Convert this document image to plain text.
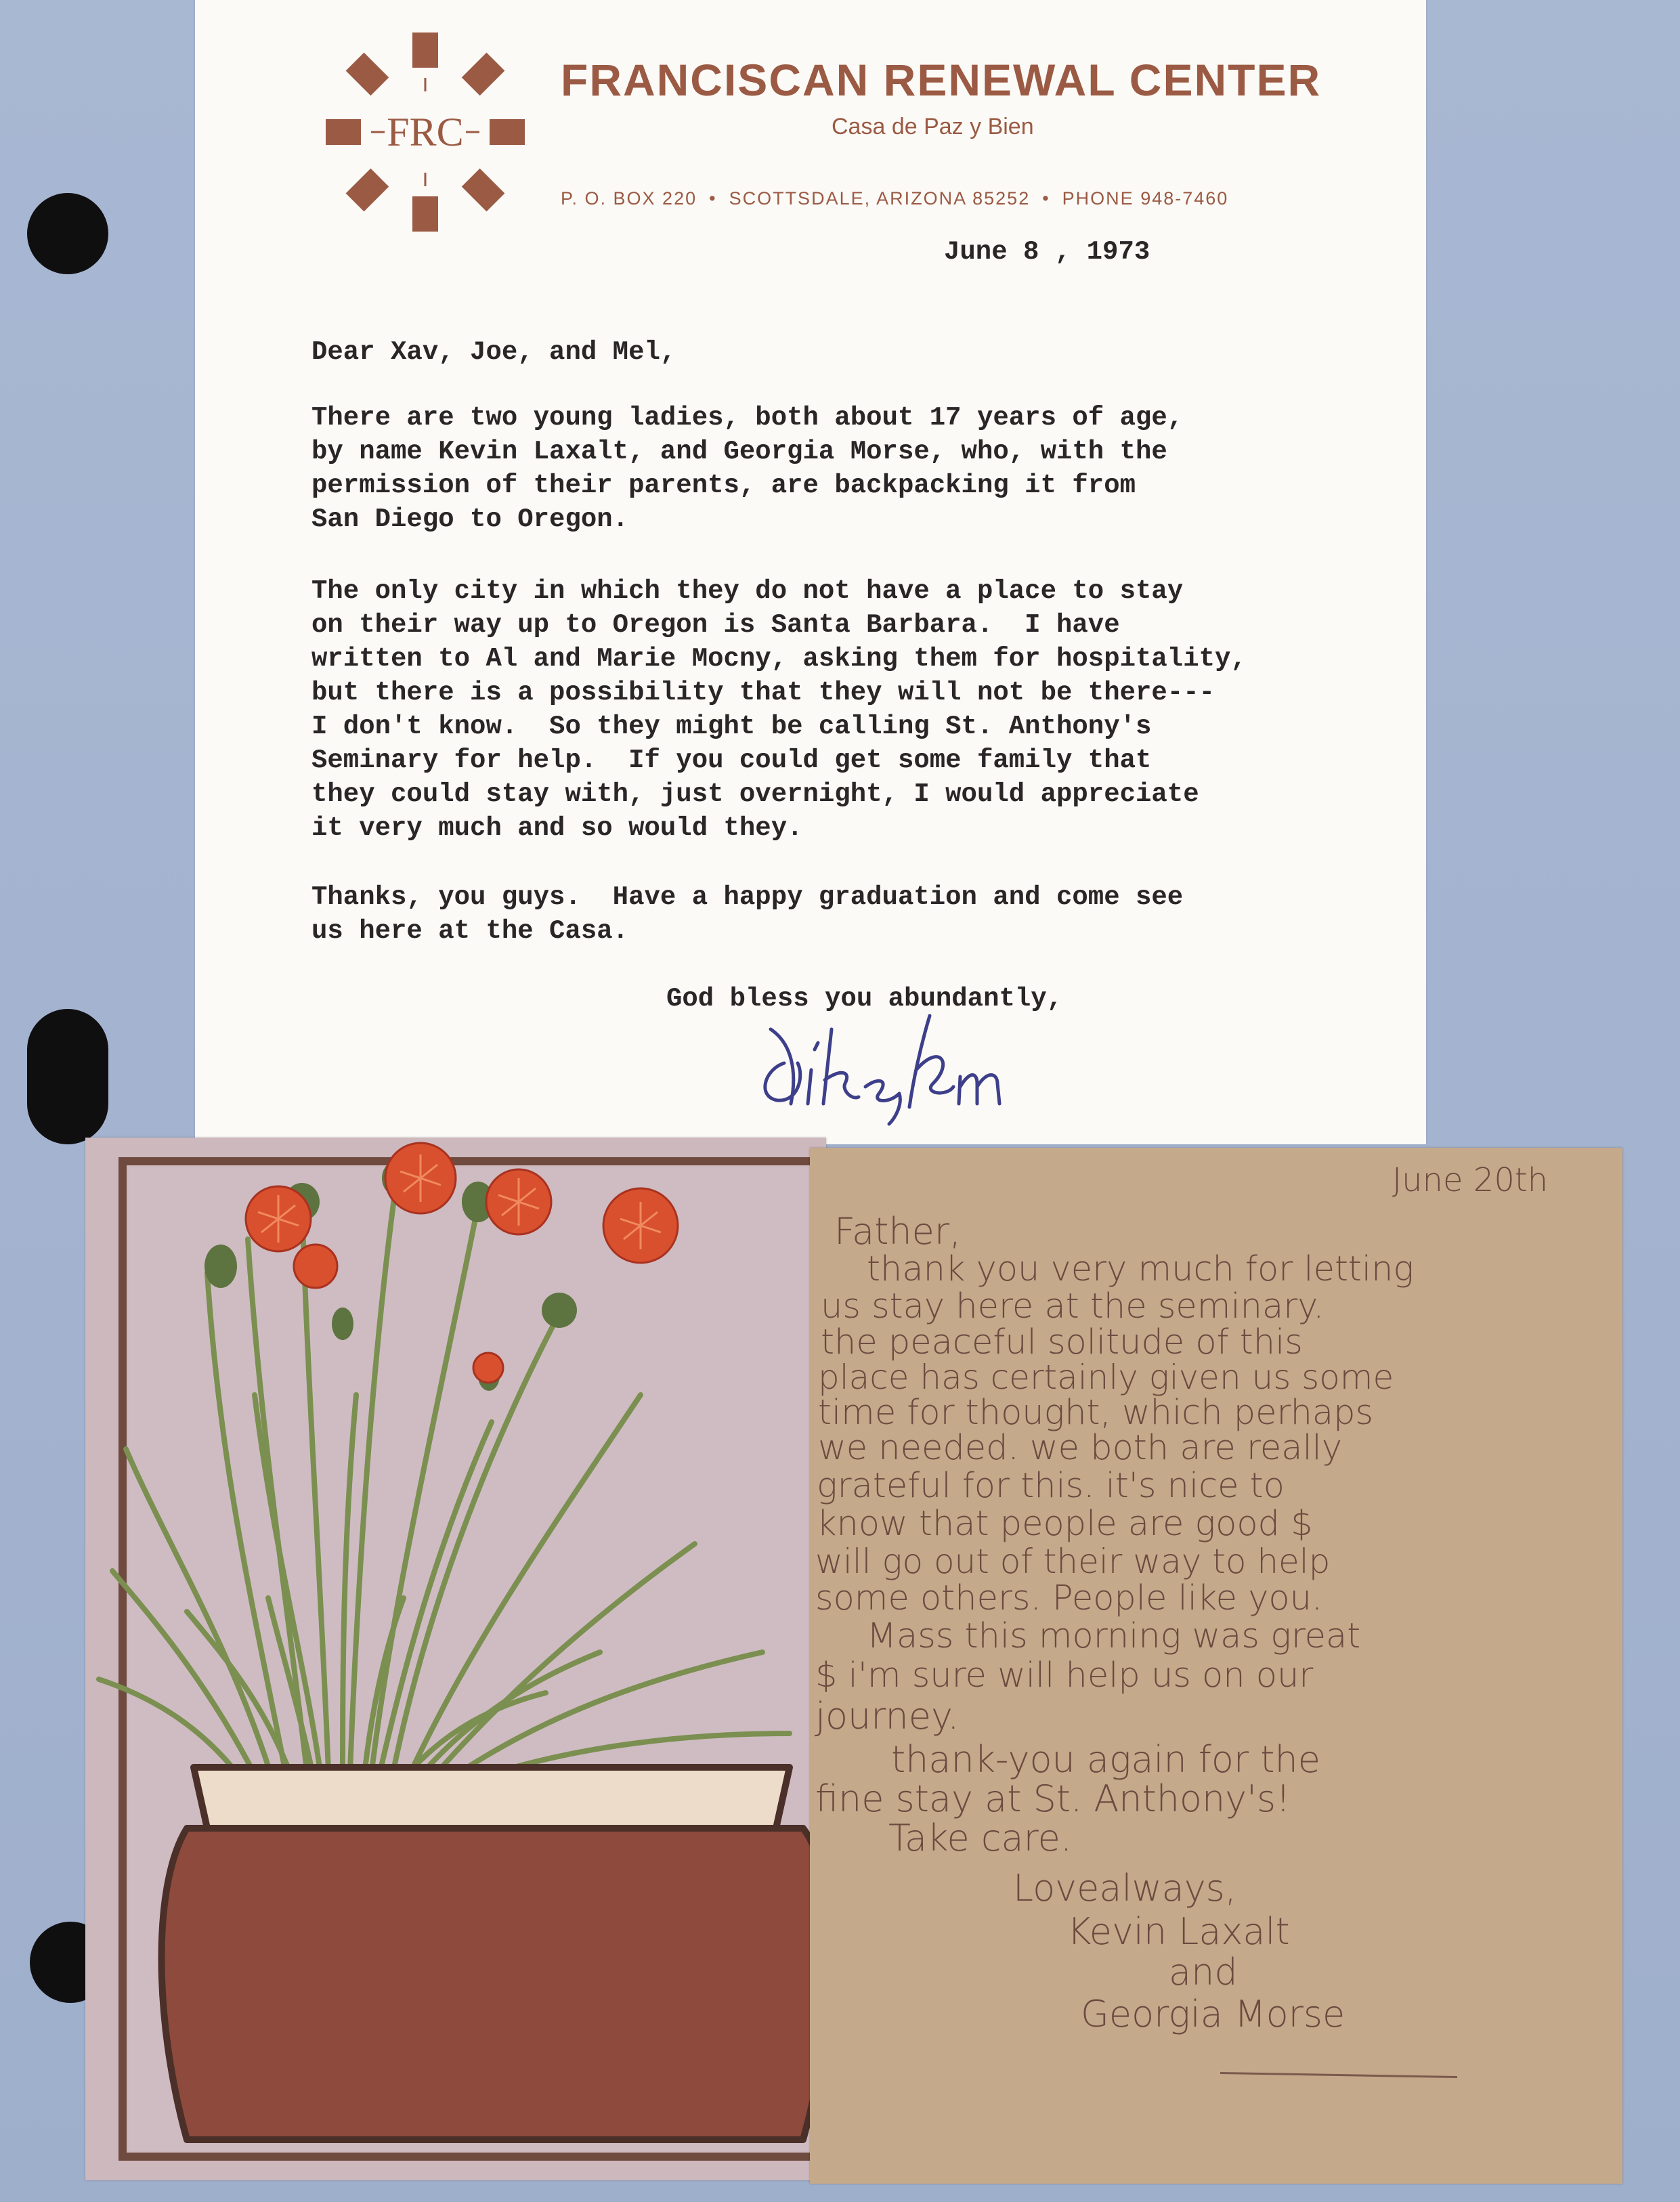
FRC
FRANCISCAN RENEWAL CENTER
Casa de Paz y Bien
P. O. BOX 220 • SCOTTSDALE, ARIZONA 85252 • PHONE 948-7460
June 8 , 1973
Dear Xav, Joe, and Mel,
There are two young ladies, both about 17 years of age,
by name Kevin Laxalt, and Georgia Morse, who, with the
permission of their parents, are backpacking it from
San Diego to Oregon.
The only city in which they do not have a place to stay
on their way up to Oregon is Santa Barbara.  I have
written to Al and Marie Mocny, asking them for hospitality,
but there is a possibility that they will not be there---
I don't know.  So they might be calling St. Anthony's
Seminary for help.  If you could get some family that
they could stay with, just overnight, I would appreciate
it very much and so would they.
Thanks, you guys.  Have a happy graduation and come see
us here at the Casa.
God bless you abundantly,
June 20th
Father,
thank you very much for letting
us stay here at the seminary.
the peaceful solitude of this
place has certainly given us some
time for thought, which perhaps
we needed. we both are really
grateful for this. it's nice to
know that people are good $
will go out of their way to help
some others. People like you.
Mass this morning was great
$ i'm sure will help us on our
journey.
thank-you again for the
fine stay at St. Anthony's!
Take care.
Lovealways,
Kevin Laxalt
and
Georgia Morse
